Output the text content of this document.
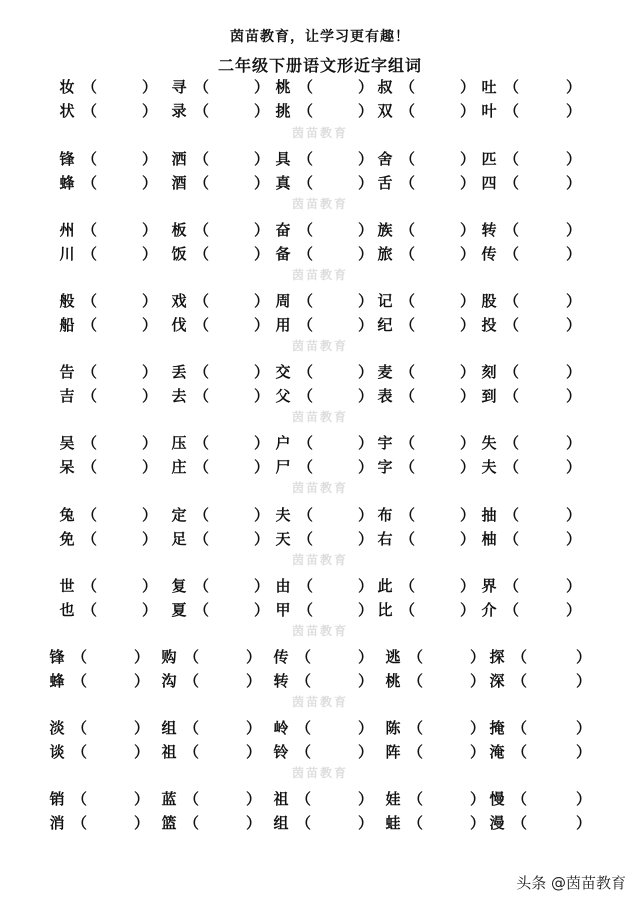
茵苗教育，让学习更有趣！
二年级下册语文形近字组词
妆 （	） 寻 （	） 桃 （	） 叔 （	） 吐 （	）
状 （	） 录 （	） 挑 （	） 双 （	） 叶 （	）
锋 （	） 洒 （	） 具 （	） 舍 （	） 匹 （	）
蜂 （	） 酒 （	） 真 （	） 舌 （	） 四 （	）
州 （	） 板 （	） 奋 （	） 族 （	） 转 （	）
川 （	） 饭 （	） 备 （	） 旅 （	） 传 （	）
般 （	） 戏 （	） 周 （	） 记 （	） 股 （	）
船 （	） 伐 （	） 用 （	） 纪 （	） 投 （	）
告 （	） 丢 （	） 交 （	） 麦 （	） 刻 （	）
吉 （	） 去 （	） 父 （	） 表 （	） 到 （	）
吴 （	） 压 （	） 户 （	） 宇 （	） 失 （	）
呆 （	） 庄 （	） 尸 （	） 字 （	） 夫 （	）
兔 （	） 定 （	） 夫 （	） 布 （	） 抽 （	）
免 （	） 足 （	） 天 （	） 右 （	） 柚 （	）
世 （	） 复 （	） 由 （	） 此 （	） 界 （	）
也 （	） 夏 （	） 甲 （	） 比 （	） 介 （	）
锋 （	） 购 （	） 传 （	） 逃 （	） 探 （	）
蜂 （	） 沟 （	） 转 （	） 桃 （	） 深 （	）
淡 （	） 组 （	） 岭 （	） 陈 （	） 掩 （	）
谈 （	） 祖 （	） 铃 （	） 阵 （	） 淹 （	）
销 （	） 蓝 （	） 祖 （	） 娃 （	） 慢 （	）
消 （	） 篮 （	） 组 （	） 蛙 （	） 漫 （	）
茵苗教育
茵苗教育
茵苗教育
茵苗教育
茵苗教育
茵苗教育
茵苗教育
茵苗教育
茵苗教育
茵苗教育
头条 @茵苗教育
